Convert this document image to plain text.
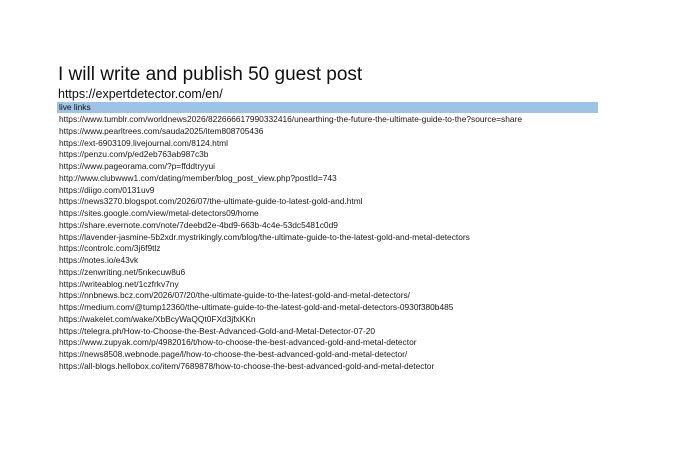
I will write and publish 50 guest post
https://expertdetector.com/en/
live links
https://www.tumblr.com/worldnews2026/822666617990332416/unearthing-the-future-the-ultimate-guide-to-the?source=share
https://www.pearltrees.com/sauda2025/item808705436
https://ext-6903109.livejournal.com/8124.html
https://penzu.com/p/ed2eb763ab987c3b
https://www.pageorama.com/?p=ffddtryyui
http://www.clubwww1.com/dating/member/blog_post_view.php?postId=743
https://diigo.com/0131uv9
https://news3270.blogspot.com/2026/07/the-ultimate-guide-to-latest-gold-and.html
https://sites.google.com/view/metal-detectors09/home
https://share.evernote.com/note/7deebd2e-4bd9-663b-4c4e-53dc5481c0d9
https://lavender-jasmine-5b2xdr.mystrikingly.com/blog/the-ultimate-guide-to-the-latest-gold-and-metal-detectors
https://controlc.com/3j6f9tlz
https://notes.io/e43vk
https://zenwriting.net/5nkecuw8u6
https://writeablog.net/1czfrkv7ny
https://nnbnews.bcz.com/2026/07/20/the-ultimate-guide-to-the-latest-gold-and-metal-detectors/
https://medium.com/@tump12360/the-ultimate-guide-to-the-latest-gold-and-metal-detectors-0930f380b485
https://wakelet.com/wake/XbBcyWaQQt0FXd3jfxKKn
https://telegra.ph/How-to-Choose-the-Best-Advanced-Gold-and-Metal-Detector-07-20
https://www.zupyak.com/p/4982016/t/how-to-choose-the-best-advanced-gold-and-metal-detector
https://news8508.webnode.page/l/how-to-choose-the-best-advanced-gold-and-metal-detector/
https://all-blogs.hellobox.co/item/7689878/how-to-choose-the-best-advanced-gold-and-metal-detector
